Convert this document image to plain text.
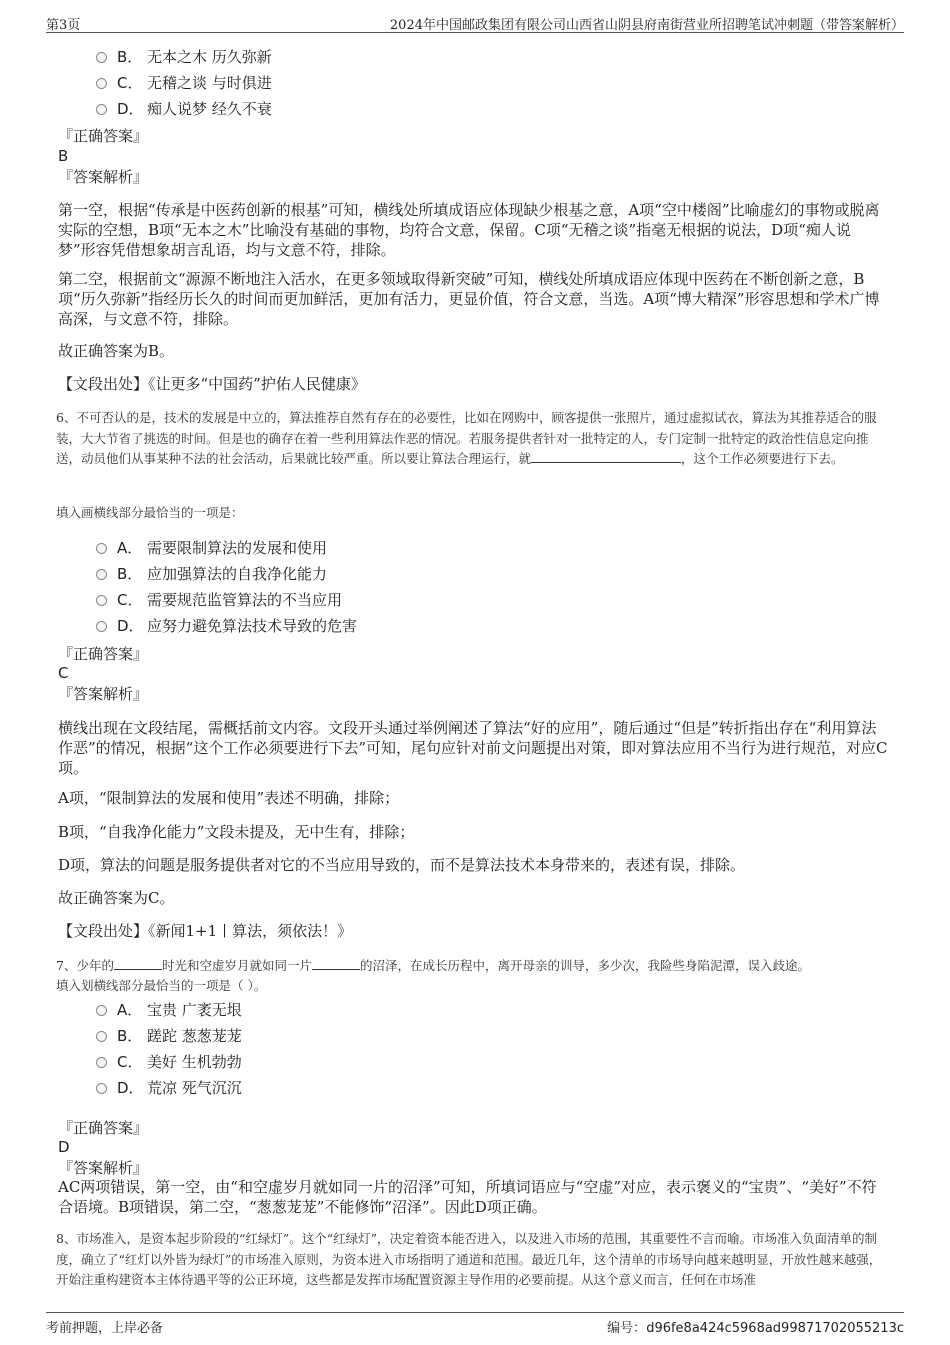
第3页	2024年中国邮政集团有限公司山西省山阴县府南街营业所招聘笔试冲刺题（带答案解析）
B． 无本之木 历久弥新
C． 无稽之谈 与时俱进
D． 痴人说梦 经久不衰
『正确答案』
B
『答案解析』
第一空，根据“传承是中医药创新的根基”可知，横线处所填成语应体现缺少根基之意，A项“空中楼阁”比喻虚幻的事物或脱离实际的空想，B项“无本之木”比喻没有基础的事物，均符合文意，保留。C项“无稽之谈”指毫无根据的说法，D项“痴人说梦”形容凭借想象胡言乱语，均与文意不符，排除。
第二空，根据前文“源源不断地注入活水，在更多领域取得新突破”可知，横线处所填成语应体现中医药在不断创新之意，B项“历久弥新”指经历长久的时间而更加鲜活，更加有活力，更显价值，符合文意，当选。A项“博大精深”形容思想和学术广博高深，与文意不符，排除。
故正确答案为B。
【文段出处】《让更多“中国药”护佑人民健康》
6、不可否认的是，技术的发展是中立的，算法推荐自然有存在的必要性，比如在网购中，顾客提供一张照片，通过虚拟试衣，算法为其推荐适合的服装，大大节省了挑选的时间。但是也的确存在着一些利用算法作恶的情况。若服务提供者针对一批特定的人，专门定制一批特定的政治性信息定向推送，动员他们从事某种不法的社会活动，后果就比较严重。所以要让算法合理运行，就	，这个工作必须要进行下去。
填入画横线部分最恰当的一项是：
A． 需要限制算法的发展和使用
B． 应加强算法的自我净化能力
C． 需要规范监管算法的不当应用
D． 应努力避免算法技术导致的危害
『正确答案』
C
『答案解析』
横线出现在文段结尾，需概括前文内容。文段开头通过举例阐述了算法“好的应用”，随后通过“但是”转折指出存在“利用算法作恶”的情况，根据“这个工作必须要进行下去”可知，尾句应针对前文问题提出对策，即对算法应用不当行为进行规范，对应C项。
A项，“限制算法的发展和使用”表述不明确，排除；
B项，“自我净化能力”文段未提及，无中生有，排除；
D项，算法的问题是服务提供者对它的不当应用导致的，而不是算法技术本身带来的，表述有误，排除。
故正确答案为C。
【文段出处】《新闻1+1丨算法，须依法！》
7、少年的	时光和空虚岁月就如同一片	的沼泽，在成长历程中，离开母亲的训导，多少次，我险些身陷泥潭，误入歧途。
填入划横线部分最恰当的一项是（ ）。
A． 宝贵 广袤无垠
B． 蹉跎 葱葱茏茏
C． 美好 生机勃勃
D． 荒凉 死气沉沉
『正确答案』
D
『答案解析』
AC两项错误，第一空，由“和空虚岁月就如同一片的沼泽”可知，所填词语应与“空虚”对应，表示褒义的“宝贵”、“美好”不符合语境。B项错误，第二空，“葱葱茏茏”不能修饰“沼泽”。因此D项正确。
8、市场准入，是资本起步阶段的“红绿灯”。这个“红绿灯”，决定着资本能否进入，以及进入市场的范围，其重要性不言而喻。市场准入负面清单的制度，确立了“红灯以外皆为绿灯”的市场准入原则，为资本进入市场指明了通道和范围。最近几年，这个清单的市场导向越来越明显，开放性越来越强，开始注重构建资本主体待遇平等的公正环境，这些都是发挥市场配置资源主导作用的必要前提。从这个意义而言，任何在市场准
考前押题，上岸必备	编号：d96fe8a424c5968ad99871702055213c
